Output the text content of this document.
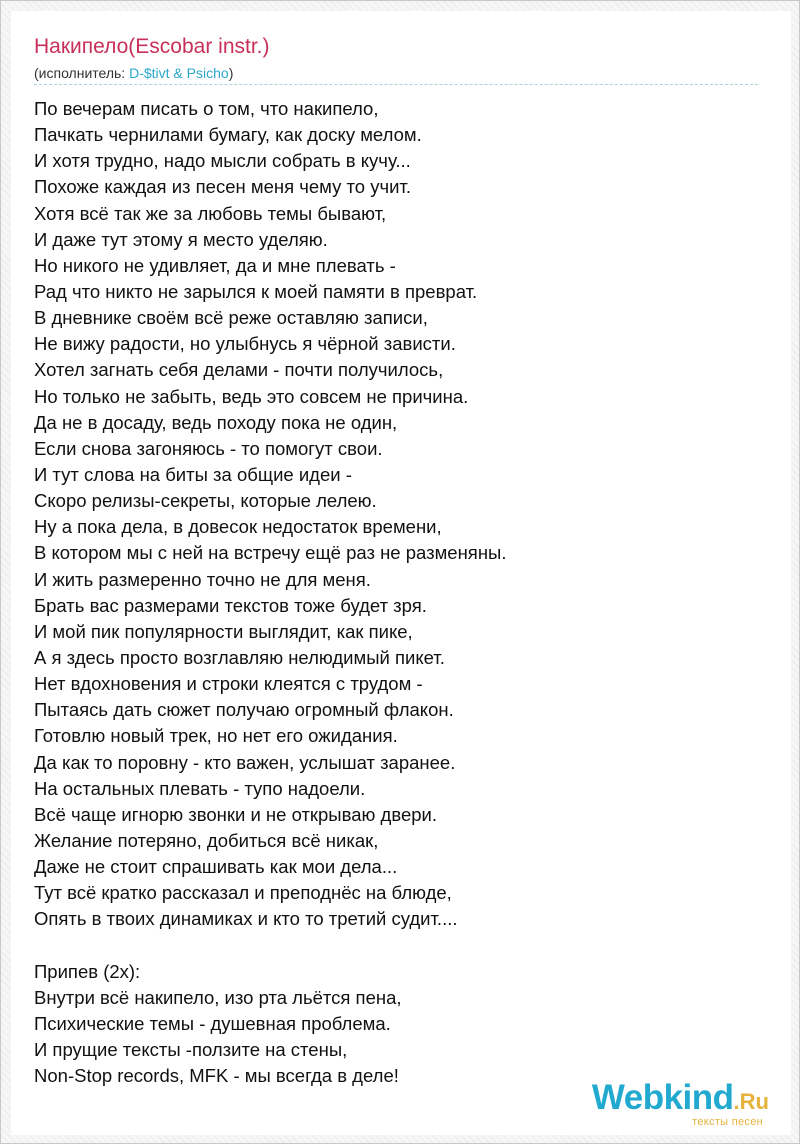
Накипело(Escobar instr.)
(исполнитель: D-$tivt & Psicho)
По вечерам писать о том, что накипело,
Пачкать чернилами бумагу, как доску мелом.
И хотя трудно, надо мысли собрать в кучу...
Похоже каждая из песен меня чему то учит.
Хотя всё так же за любовь темы бывают,
И даже тут этому я место уделяю.
Но никого не удивляет, да и мне плевать -
Рад что никто не зарылся к моей памяти в преврат.
В дневнике своём всё реже оставляю записи,
Не вижу радости, но улыбнусь я чёрной зависти.
Хотел загнать себя делами - почти получилось,
Но только не забыть, ведь это совсем не причина.
Да не в досаду, ведь походу пока не один,
Если снова загоняюсь - то помогут свои.
И тут слова на биты за общие идеи -
Скоро релизы-секреты, которые лелею.
Ну а пока дела, в довесок недостаток времени,
В котором мы с ней на встречу ещё раз не разменяны.
И жить размеренно точно не для меня.
Брать вас размерами текстов тоже будет зря.
И мой пик популярности выглядит, как пике,
А я здесь просто возглавляю нелюдимый пикет.
Нет вдохновения и строки клеятся с трудом -
Пытаясь дать сюжет получаю огромный флакон.
Готовлю новый трек, но нет его ожидания.
Да как то поровну - кто важен, услышат заранее.
На остальных плевать - тупо надоели.
Всё чаще игнорю звонки и не открываю двери.
Желание потеряно, добиться всё никак,
Даже не стоит спрашивать как мои дела...
Тут всё кратко рассказал и преподнёс на блюде,
Опять в твоих динамиках и кто то третий судит....
Припев (2х):
Внутри всё накипело, изо рта льётся пена,
Психические темы - душевная проблема.
И прущие тексты -ползите на стены,
Non-Stop records, MFK - мы всегда в деле!
Webkind.Ru
тексты песен
